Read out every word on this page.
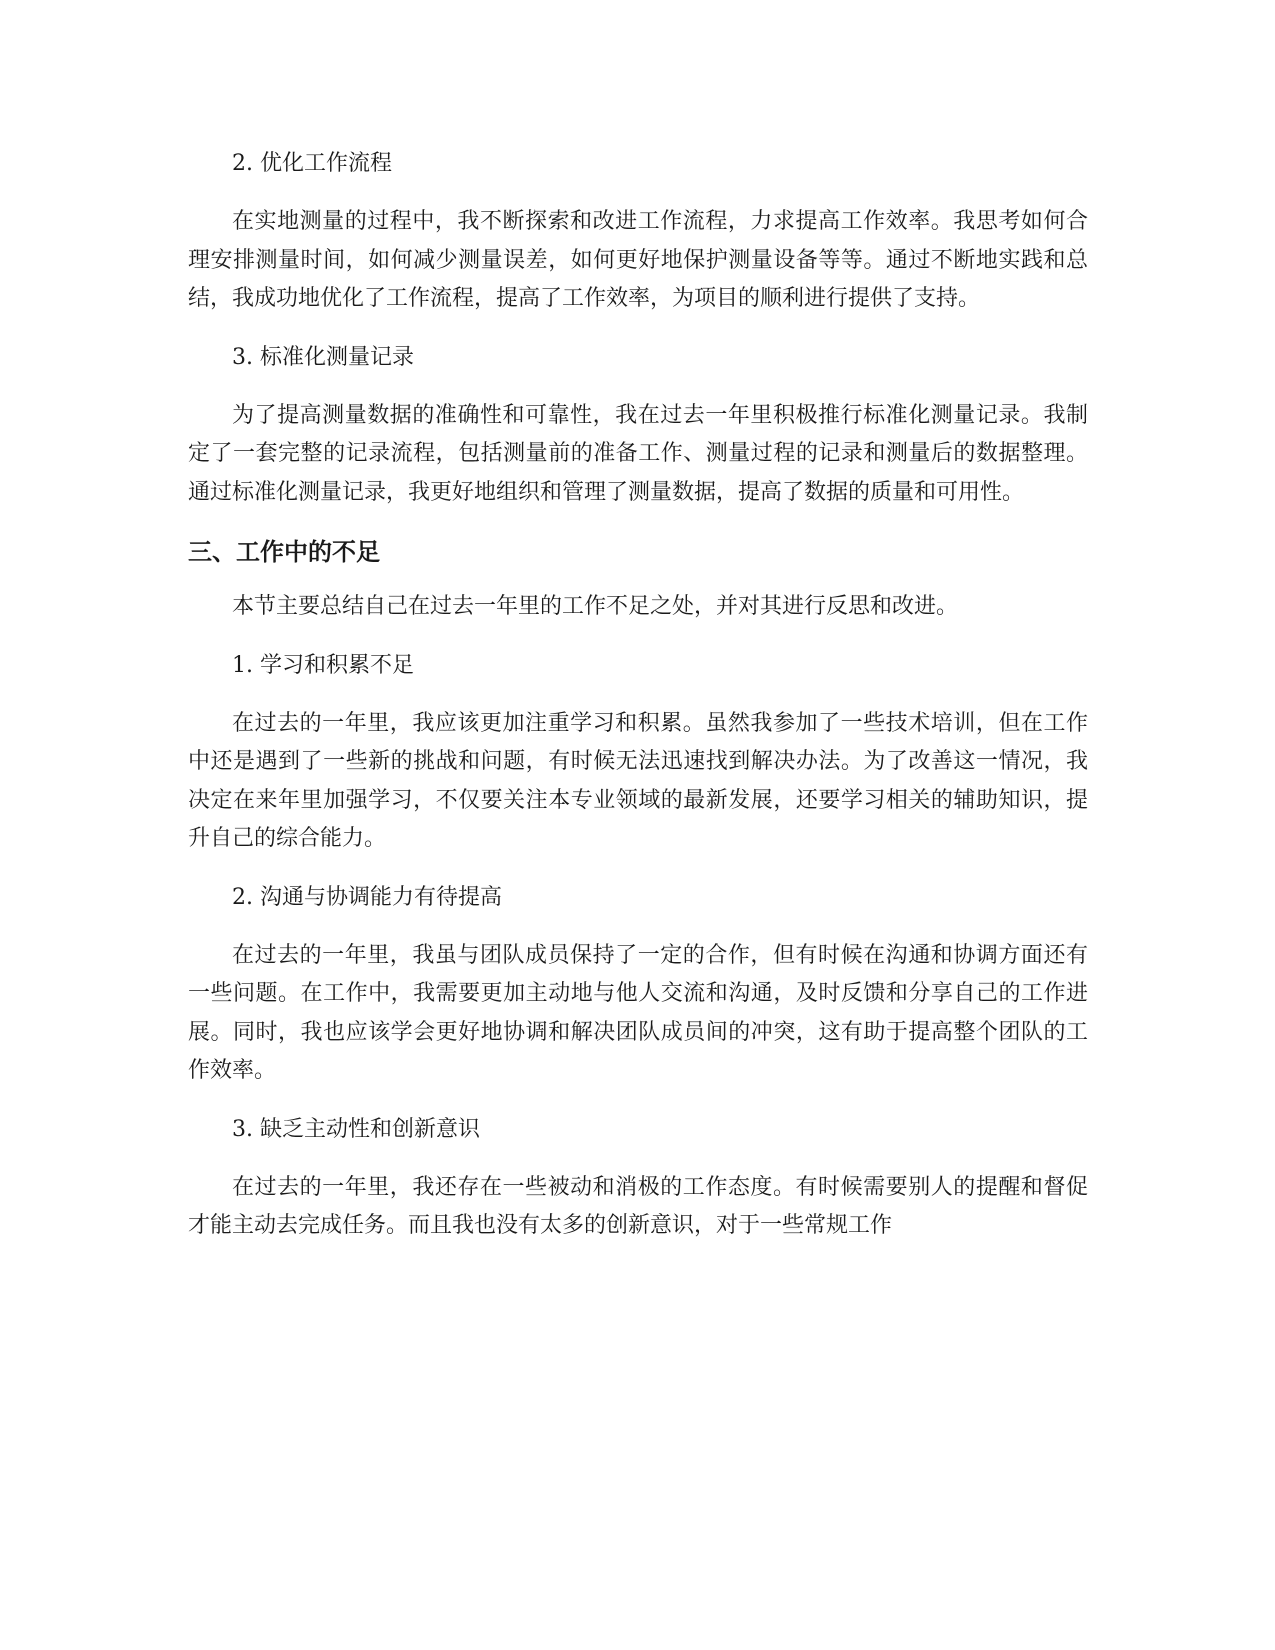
2. 优化工作流程

在实地测量的过程中，我不断探索和改进工作流程，力求提高工作效率。我思考如何合理安排测量时间，如何减少测量误差，如何更好地保护测量设备等等。通过不断地实践和总结，我成功地优化了工作流程，提高了工作效率，为项目的顺利进行提供了支持。

3. 标准化测量记录

为了提高测量数据的准确性和可靠性，我在过去一年里积极推行标准化测量记录。我制定了一套完整的记录流程，包括测量前的准备工作、测量过程的记录和测量后的数据整理。通过标准化测量记录，我更好地组织和管理了测量数据，提高了数据的质量和可用性。

三、工作中的不足

本节主要总结自己在过去一年里的工作不足之处，并对其进行反思和改进。

1. 学习和积累不足

在过去的一年里，我应该更加注重学习和积累。虽然我参加了一些技术培训，但在工作中还是遇到了一些新的挑战和问题，有时候无法迅速找到解决办法。为了改善这一情况，我决定在来年里加强学习，不仅要关注本专业领域的最新发展，还要学习相关的辅助知识，提升自己的综合能力。

2. 沟通与协调能力有待提高

在过去的一年里，我虽与团队成员保持了一定的合作，但有时候在沟通和协调方面还有一些问题。在工作中，我需要更加主动地与他人交流和沟通，及时反馈和分享自己的工作进展。同时，我也应该学会更好地协调和解决团队成员间的冲突，这有助于提高整个团队的工作效率。

3. 缺乏主动性和创新意识

在过去的一年里，我还存在一些被动和消极的工作态度。有时候需要别人的提醒和督促才能主动去完成任务。而且我也没有太多的创新意识，对于一些常规工作
